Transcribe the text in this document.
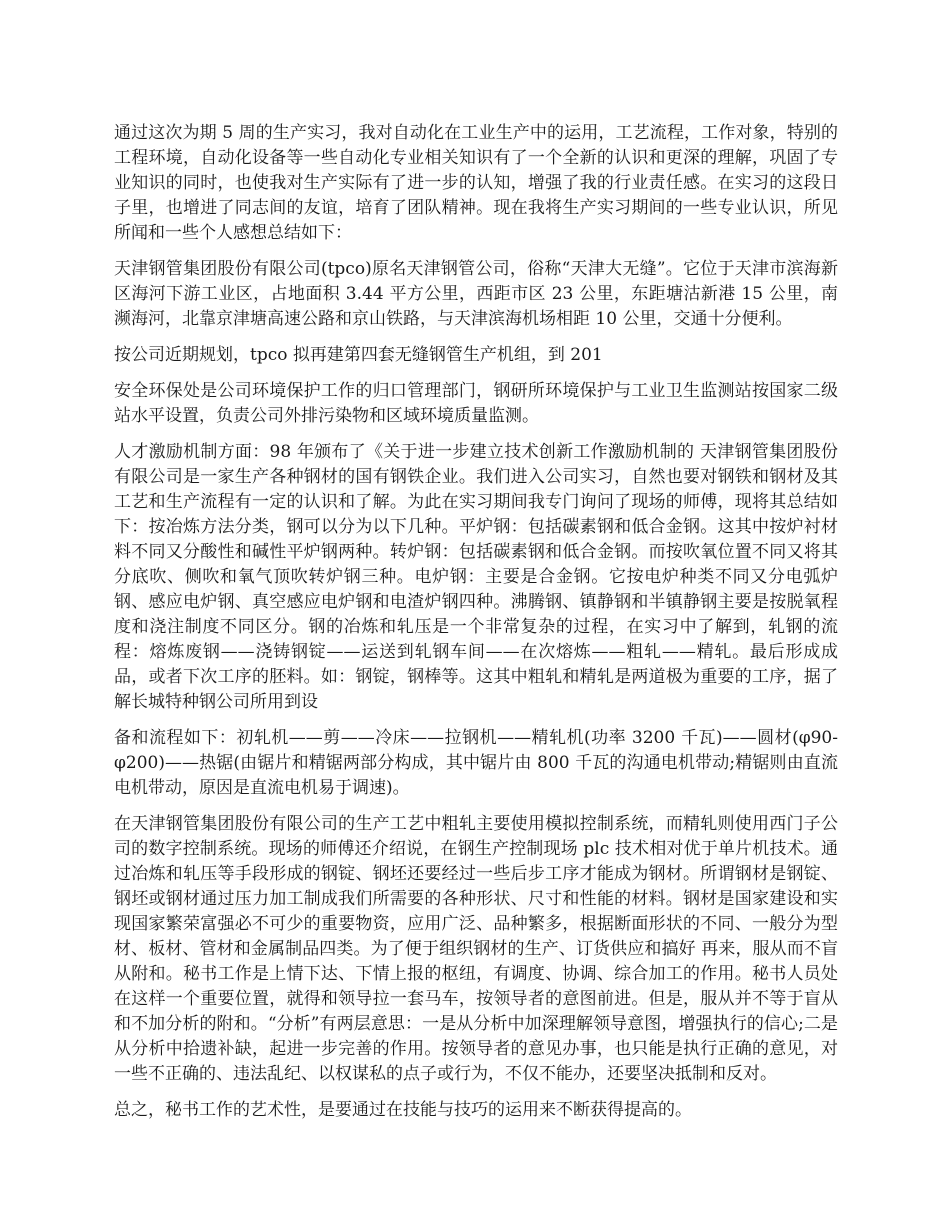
通过这次为期 5 周的生产实习，我对自动化在工业生产中的运用，工艺流程，工作对象，特别的工程环境，自动化设备等一些自动化专业相关知识有了一个全新的认识和更深的理解，巩固了专业知识的同时，也使我对生产实际有了进一步的认知，增强了我的行业责任感。在实习的这段日子里，也增进了同志间的友谊，培育了团队精神。现在我将生产实习期间的一些专业认识，所见所闻和一些个人感想总结如下：

天津钢管集团股份有限公司(tpco)原名天津钢管公司，俗称“天津大无缝”。它位于天津市滨海新区海河下游工业区，占地面积 3.44 平方公里，西距市区 23 公里，东距塘沽新港 15 公里，南濒海河，北靠京津塘高速公路和京山铁路，与天津滨海机场相距 10 公里，交通十分便利。

按公司近期规划，tpco 拟再建第四套无缝钢管生产机组，到 201

安全环保处是公司环境保护工作的归口管理部门，钢研所环境保护与工业卫生监测站按国家二级站水平设置，负责公司外排污染物和区域环境质量监测。

人才激励机制方面：98 年颁布了《关于进一步建立技术创新工作激励机制的 天津钢管集团股份有限公司是一家生产各种钢材的国有钢铁企业。我们进入公司实习，自然也要对钢铁和钢材及其工艺和生产流程有一定的认识和了解。为此在实习期间我专门询问了现场的师傅，现将其总结如下：按冶炼方法分类，钢可以分为以下几种。平炉钢：包括碳素钢和低合金钢。这其中按炉衬材料不同又分酸性和碱性平炉钢两种。转炉钢：包括碳素钢和低合金钢。而按吹氧位置不同又将其分底吹、侧吹和氧气顶吹转炉钢三种。电炉钢：主要是合金钢。它按电炉种类不同又分电弧炉钢、感应电炉钢、真空感应电炉钢和电渣炉钢四种。沸腾钢、镇静钢和半镇静钢主要是按脱氧程度和浇注制度不同区分。钢的冶炼和轧压是一个非常复杂的过程，在实习中了解到，轧钢的流程：熔炼废钢——浇铸钢锭——运送到轧钢车间——在次熔炼——粗轧——精轧。最后形成成品，或者下次工序的胚料。如：钢锭，钢棒等。这其中粗轧和精轧是两道极为重要的工序，据了解长城特种钢公司所用到设

备和流程如下：初轧机——剪——冷床——拉钢机——精轧机(功率 3200 千瓦)——圆材(φ90-φ200)——热锯(由锯片和精锯两部分构成，其中锯片由 800 千瓦的沟通电机带动;精锯则由直流电机带动，原因是直流电机易于调速)。

在天津钢管集团股份有限公司的生产工艺中粗轧主要使用模拟控制系统，而精轧则使用西门子公司的数字控制系统。现场的师傅还介绍说，在钢生产控制现场 plc 技术相对优于单片机技术。通过冶炼和轧压等手段形成的钢锭、钢坯还要经过一些后步工序才能成为钢材。所谓钢材是钢锭、钢坯或钢材通过压力加工制成我们所需要的各种形状、尺寸和性能的材料。钢材是国家建设和实现国家繁荣富强必不可少的重要物资，应用广泛、品种繁多，根据断面形状的不同、一般分为型材、板材、管材和金属制品四类。为了便于组织钢材的生产、订货供应和搞好 再来，服从而不盲从附和。秘书工作是上情下达、下情上报的枢纽，有调度、协调、综合加工的作用。秘书人员处在这样一个重要位置，就得和领导拉一套马车，按领导者的意图前进。但是，服从并不等于盲从和不加分析的附和。“分析”有两层意思：一是从分析中加深理解领导意图，增强执行的信心;二是从分析中拾遗补缺，起进一步完善的作用。按领导者的意见办事，也只能是执行正确的意见，对一些不正确的、违法乱纪、以权谋私的点子或行为，不仅不能办，还要坚决抵制和反对。

总之，秘书工作的艺术性，是要通过在技能与技巧的运用来不断获得提高的。
